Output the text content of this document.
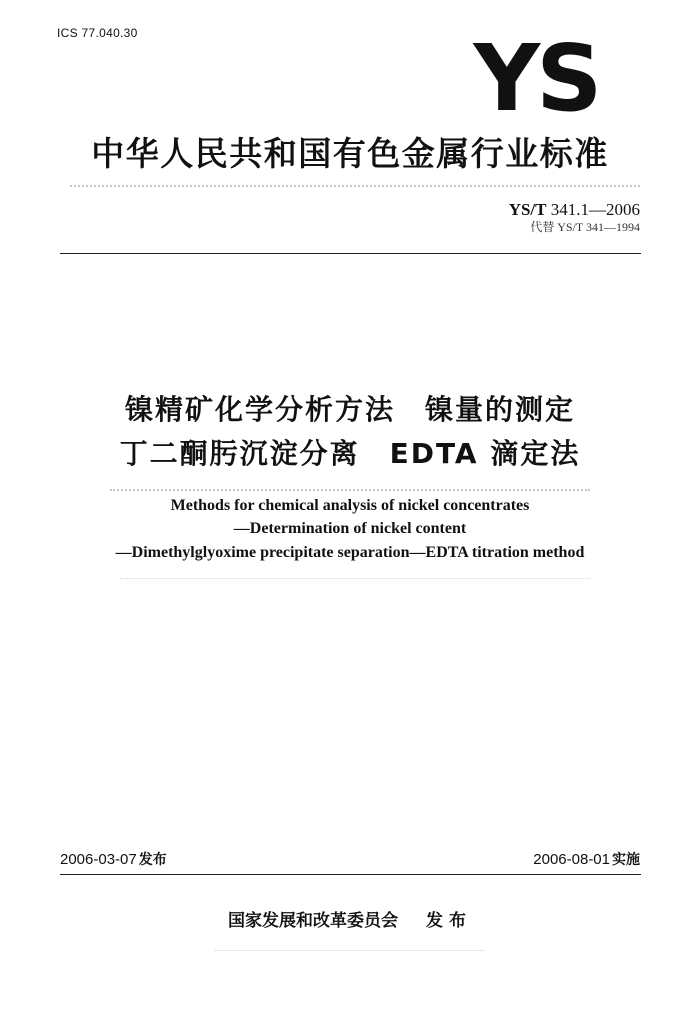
ICS 77.040.30	YS
中华人民共和国有色金属行业标准
YS/T 341.1—2006
代替 YS/T 341—1994
镍精矿化学分析方法　镍量的测定
丁二酮肟沉淀分离　EDTA 滴定法
Methods for chemical analysis of nickel concentrates
—Determination of nickel content
—Dimethylglyoxime precipitate separation—EDTA titration method
2006-03-07 发布	2006-08-01 实施
国家发展和改革委员会 发布
